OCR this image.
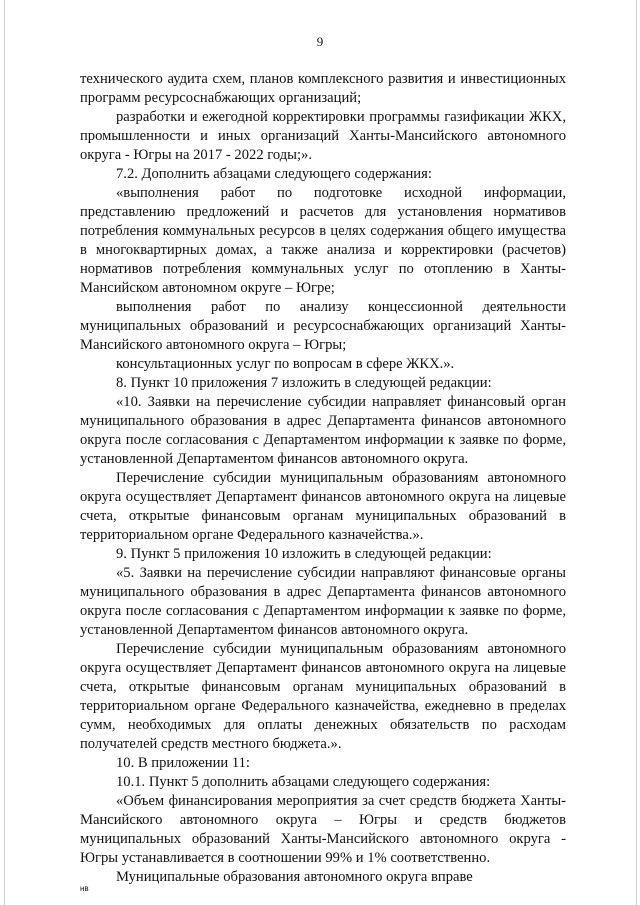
9

технического аудита схем, планов комплексного развития и инвестиционных программ ресурсоснабжающих организаций;

разработки и ежегодной корректировки программы газификации ЖКХ, промышленности и иных организаций Ханты-Мансийского автономного округа - Югры на 2017 - 2022 годы;».

7.2. Дополнить абзацами следующего содержания:

«выполнения работ по подготовке исходной информации, представлению предложений и расчетов для установления нормативов потребления коммунальных ресурсов в целях содержания общего имущества в многоквартирных домах, а также анализа и корректировки (расчетов) нормативов потребления коммунальных услуг по отоплению в Ханты-Мансийском автономном округе – Югре;

выполнения работ по анализу концессионной деятельности муниципальных образований и ресурсоснабжающих организаций Ханты-Мансийского автономного округа – Югры;

консультационных услуг по вопросам в сфере ЖКХ.».

8. Пункт 10 приложения 7 изложить в следующей редакции:

«10. Заявки на перечисление субсидии направляет финансовый орган муниципального образования в адрес Департамента финансов автономного округа после согласования с Департаментом информации к заявке по форме, установленной Департаментом финансов автономного округа.

Перечисление субсидии муниципальным образованиям автономного округа осуществляет Департамент финансов автономного округа на лицевые счета, открытые финансовым органам муниципальных образований в территориальном органе Федерального казначейства.».

9. Пункт 5 приложения 10 изложить в следующей редакции:

«5. Заявки на перечисление субсидии направляют финансовые органы муниципального образования в адрес Департамента финансов автономного округа после согласования с Департаментом информации к заявке по форме, установленной Департаментом финансов автономного округа.

Перечисление субсидии муниципальным образованиям автономного округа осуществляет Департамент финансов автономного округа на лицевые счета, открытые финансовым органам муниципальных образований в территориальном органе Федерального казначейства, ежедневно в пределах сумм, необходимых для оплаты денежных обязательств по расходам получателей средств местного бюджета.».

10. В приложении 11:

10.1. Пункт 5 дополнить абзацами следующего содержания:

«Объем финансирования мероприятия за счет средств бюджета Ханты-Мансийского автономного округа – Югры и средств бюджетов муниципальных образований Ханты-Мансийского автономного округа - Югры устанавливается в соотношении 99% и 1% соответственно.

Муниципальные образования автономного округа вправе

нв
